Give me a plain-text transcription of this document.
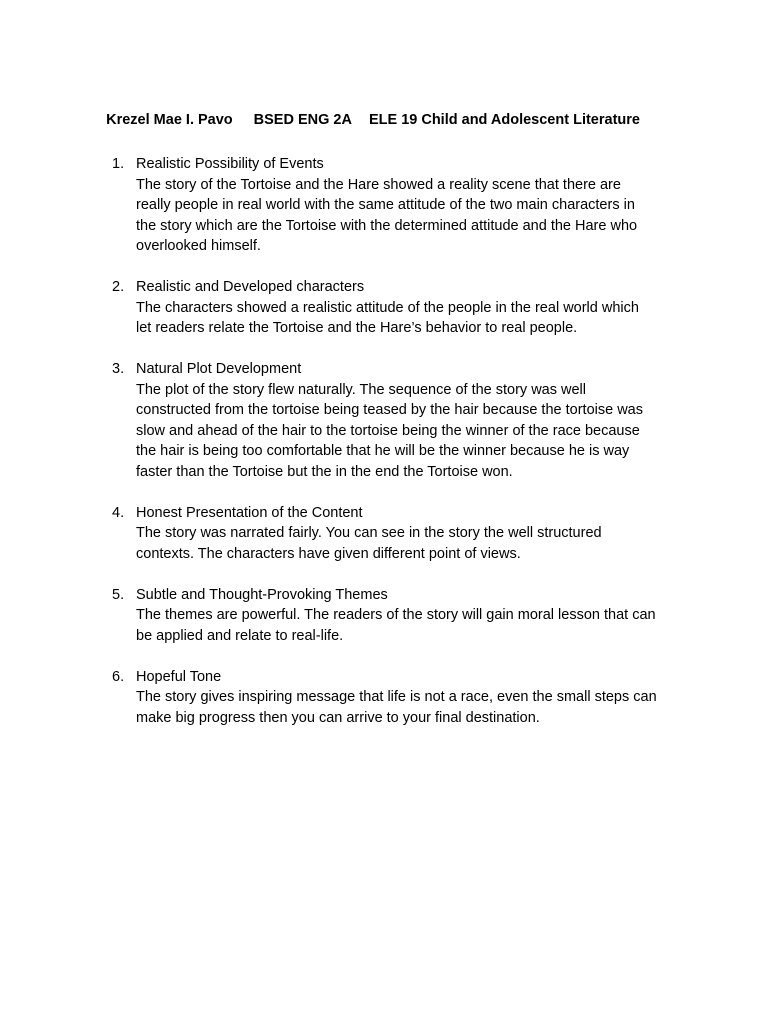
Krezel Mae I. Pavo BSED ENG 2A ELE 19 Child and Adolescent Literature

1. Realistic Possibility of Events
The story of the Tortoise and the Hare showed a reality scene that there are
really people in real world with the same attitude of the two main characters in
the story which are the Tortoise with the determined attitude and the Hare who
overlooked himself.
2. Realistic and Developed characters
The characters showed a realistic attitude of the people in the real world which
let readers relate the Tortoise and the Hare’s behavior to real people.
3. Natural Plot Development
The plot of the story flew naturally. The sequence of the story was well
constructed from the tortoise being teased by the hair because the tortoise was
slow and ahead of the hair to the tortoise being the winner of the race because
the hair is being too comfortable that he will be the winner because he is way
faster than the Tortoise but the in the end the Tortoise won.
4. Honest Presentation of the Content
The story was narrated fairly. You can see in the story the well structured
contexts. The characters have given different point of views.
5. Subtle and Thought-Provoking Themes
The themes are powerful. The readers of the story will gain moral lesson that can
be applied and relate to real-life.
6. Hopeful Tone
The story gives inspiring message that life is not a race, even the small steps can
make big progress then you can arrive to your final destination.
